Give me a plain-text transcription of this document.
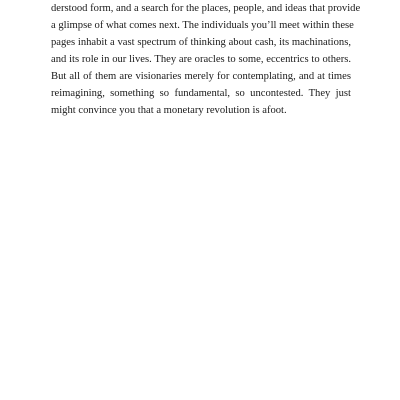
derstood form, and a search for the places, people, and ideas that provide
a glimpse of what comes next. The individuals you’ll meet within these
pages inhabit a vast spectrum of thinking about cash, its machinations,
and its role in our lives. They are oracles to some, eccentrics to others.
But all of them are visionaries merely for contemplating, and at times
reimagining, something so fundamental, so uncontested. They just
might convince you that a monetary revolution is afoot.
